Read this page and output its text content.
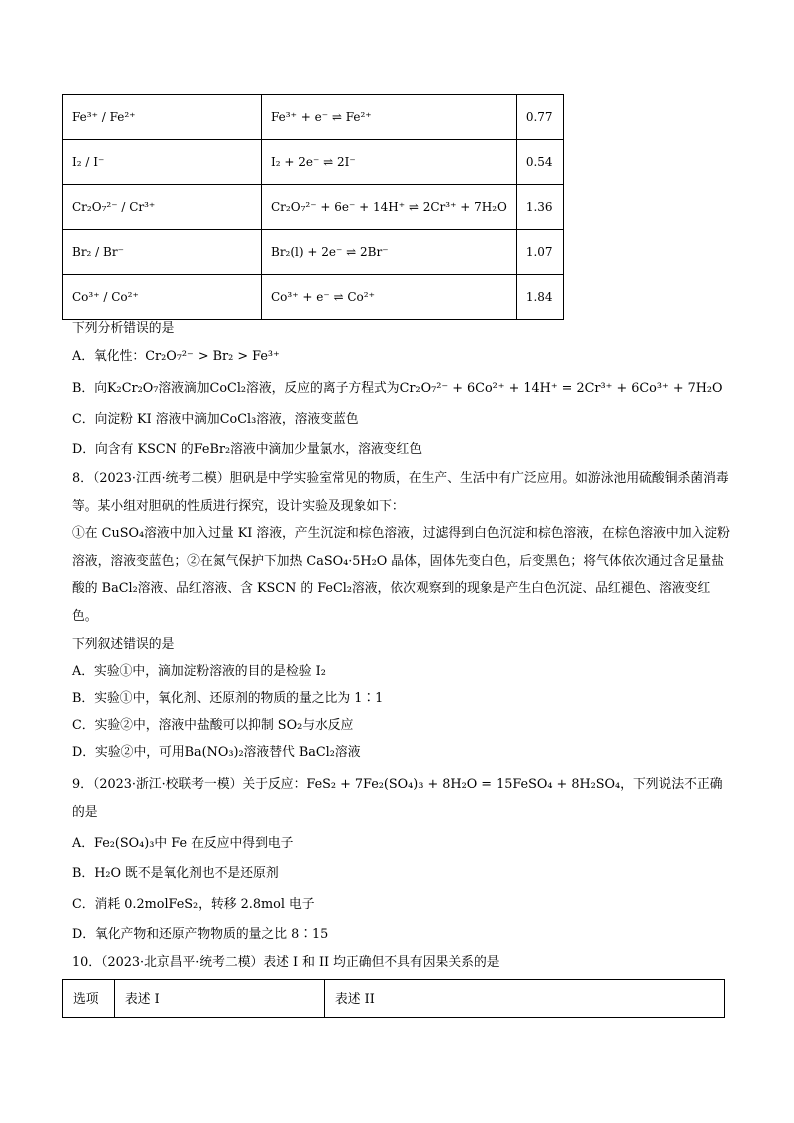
Fe³⁺ / Fe²⁺	Fe³⁺ + e⁻ ⇌ Fe²⁺	0.77
I₂ / I⁻	I₂ + 2e⁻ ⇌ 2I⁻	0.54
Cr₂O₇²⁻ / Cr³⁺	Cr₂O₇²⁻ + 6e⁻ + 14H⁺ ⇌ 2Cr³⁺ + 7H₂O	1.36
Br₂ / Br⁻	Br₂(l) + 2e⁻ ⇌ 2Br⁻	1.07
Co³⁺ / Co²⁺	Co³⁺ + e⁻ ⇌ Co²⁺	1.84
下列分析错误的是
A．氧化性：Cr₂O₇²⁻ > Br₂ > Fe³⁺
B．向K₂Cr₂O₇溶液滴加CoCl₂溶液，反应的离子方程式为Cr₂O₇²⁻ + 6Co²⁺ + 14H⁺ = 2Cr³⁺ + 6Co³⁺ + 7H₂O
C．向淀粉 KI 溶液中滴加CoCl₃溶液，溶液变蓝色
D．向含有 KSCN 的FeBr₂溶液中滴加少量氯水，溶液变红色
8．（2023·江西·统考二模）胆矾是中学实验室常见的物质，在生产、生活中有广泛应用。如游泳池用硫酸铜杀菌消毒等。某小组对胆矾的性质进行探究，设计实验及现象如下：
①在 CuSO₄溶液中加入过量 KI 溶液，产生沉淀和棕色溶液，过滤得到白色沉淀和棕色溶液，在棕色溶液中加入淀粉溶液，溶液变蓝色；②在氮气保护下加热 CaSO₄·5H₂O 晶体，固体先变白色，后变黑色；将气体依次通过含足量盐酸的 BaCl₂溶液、品红溶液、含 KSCN 的 FeCl₂溶液，依次观察到的现象是产生白色沉淀、品红褪色、溶液变红色。
下列叙述错误的是
A．实验①中，滴加淀粉溶液的目的是检验 I₂
B．实验①中，氧化剂、还原剂的物质的量之比为 1∶1
C．实验②中，溶液中盐酸可以抑制 SO₂与水反应
D．实验②中，可用Ba(NO₃)₂溶液替代 BaCl₂溶液
9．（2023·浙江·校联考一模）关于反应：FeS₂ + 7Fe₂(SO₄)₃ + 8H₂O = 15FeSO₄ + 8H₂SO₄，下列说法不正确的是
A．Fe₂(SO₄)₃中 Fe 在反应中得到电子
B．H₂O 既不是氧化剂也不是还原剂
C．消耗 0.2molFeS₂，转移 2.8mol 电子
D．氧化产物和还原产物物质的量之比 8∶15
10．（2023·北京昌平·统考二模）表述 I 和 II 均正确但不具有因果关系的是
选项	表述 I	表述 II
